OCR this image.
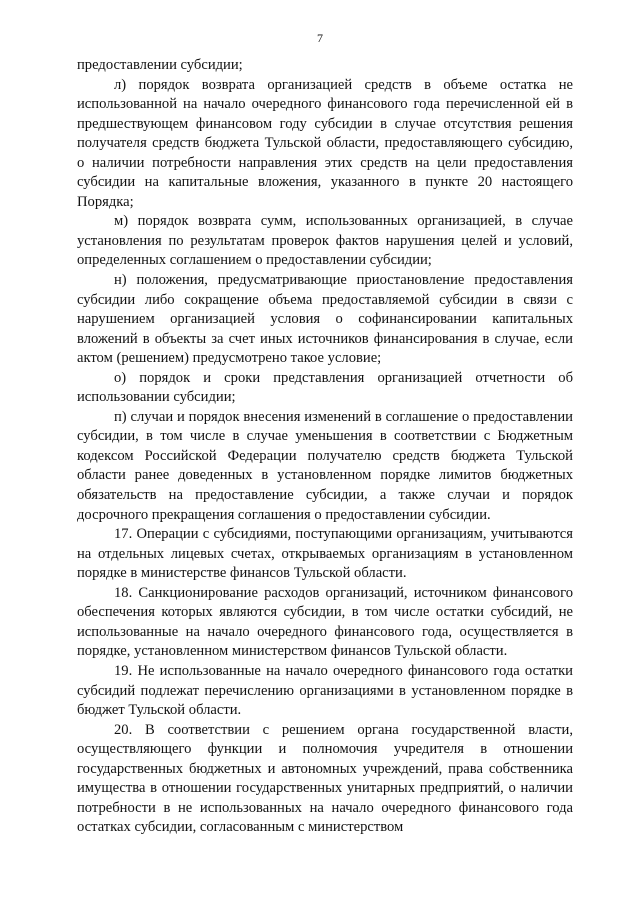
7

предоставлении субсидии;

л) порядок возврата организацией средств в объеме остатка не использованной на начало очередного финансового года перечисленной ей в предшествующем финансовом году субсидии в случае отсутствия решения получателя средств бюджета Тульской области, предоставляющего субсидию, о наличии потребности направления этих средств на цели предоставления субсидии на капитальные вложения, указанного в пункте 20 настоящего Порядка;

м) порядок возврата сумм, использованных организацией, в случае установления по результатам проверок фактов нарушения целей и условий, определенных соглашением о предоставлении субсидии;

н) положения, предусматривающие приостановление предоставления субсидии либо сокращение объема предоставляемой субсидии в связи с нарушением организацией условия о софинансировании капитальных вложений в объекты за счет иных источников финансирования в случае, если актом (решением) предусмотрено такое условие;

о) порядок и сроки представления организацией отчетности об использовании субсидии;

п) случаи и порядок внесения изменений в соглашение о предоставлении субсидии, в том числе в случае уменьшения в соответствии с Бюджетным кодексом Российской Федерации получателю средств бюджета Тульской области ранее доведенных в установленном порядке лимитов бюджетных обязательств на предоставление субсидии, а также случаи и порядок досрочного прекращения соглашения о предоставлении субсидии.

17. Операции с субсидиями, поступающими организациям, учитываются на отдельных лицевых счетах, открываемых организациям в установленном порядке в министерстве финансов Тульской области.

18. Санкционирование расходов организаций, источником финансового обеспечения которых являются субсидии, в том числе остатки субсидий, не использованные на начало очередного финансового года, осуществляется в порядке, установленном министерством финансов Тульской области.

19. Не использованные на начало очередного финансового года остатки субсидий подлежат перечислению организациями в установленном порядке в бюджет Тульской области.

20. В соответствии с решением органа государственной власти, осуществляющего функции и полномочия учредителя в отношении государственных бюджетных и автономных учреждений, права собственника имущества в отношении государственных унитарных предприятий, о наличии потребности в не использованных на начало очередного финансового года остатках субсидии, согласованным с министерством
